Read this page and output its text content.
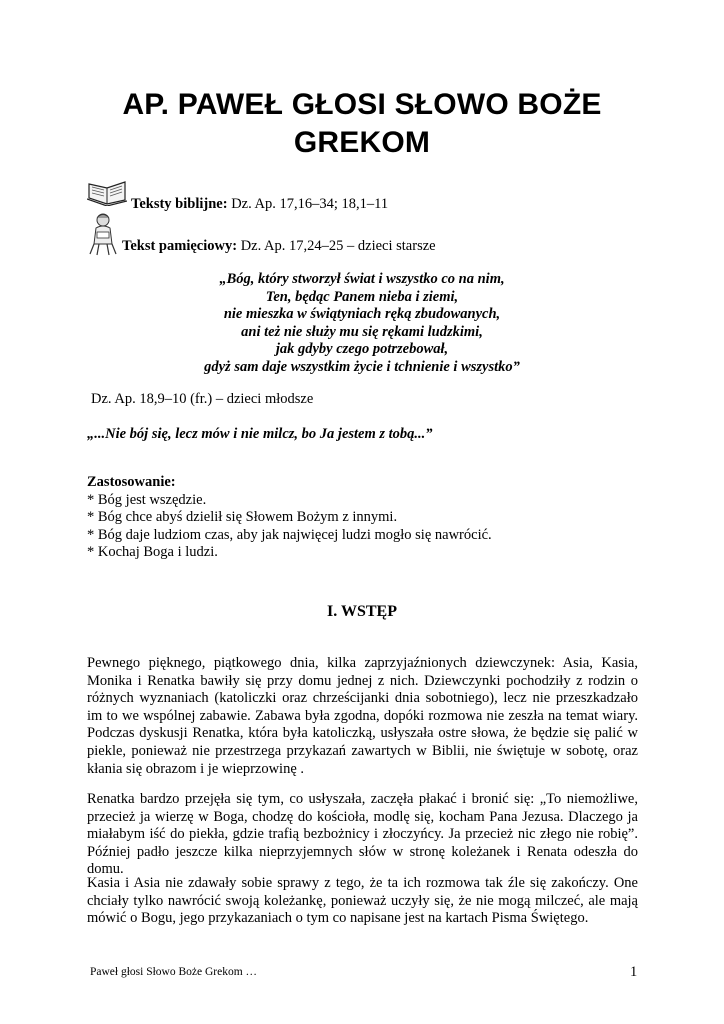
AP. PAWEŁ GŁOSI SŁOWO BOŻE
GREKOM
Teksty biblijne: Dz. Ap. 17,16–34; 18,1–11
Tekst pamięciowy: Dz. Ap. 17,24–25 – dzieci starsze
„Bóg, który stworzył świat i wszystko co na nim,
Ten, będąc Panem nieba i ziemi,
nie mieszka w świątyniach ręką zbudowanych,
ani też nie służy mu się rękami ludzkimi,
jak gdyby czego potrzebował,
gdyż sam daje wszystkim życie i tchnienie i wszystko”
Dz. Ap. 18,9–10 (fr.) – dzieci młodsze
„...Nie bój się, lecz mów i nie milcz, bo Ja jestem z tobą...”
Zastosowanie:
* Bóg jest wszędzie.
* Bóg chce abyś dzielił się Słowem Bożym z innymi.
* Bóg daje ludziom czas, aby jak najwięcej ludzi mogło się nawrócić.
* Kochaj Boga i ludzi.
I. WSTĘP
Pewnego pięknego, piątkowego dnia, kilka zaprzyjaźnionych dziewczynek: Asia, Kasia, Monika i Renatka bawiły się przy domu jednej z nich. Dziewczynki pochodziły z rodzin o różnych wyznaniach (katoliczki oraz chrześcijanki dnia sobotniego), lecz nie przeszkadzało im to we wspólnej zabawie. Zabawa była zgodna, dopóki rozmowa nie zeszła na temat wiary. Podczas dyskusji Renatka, która była katoliczką, usłyszała ostre słowa, że będzie się palić w piekle, ponieważ nie przestrzega przykazań zawartych w Biblii, nie świętuje w sobotę, oraz kłania się obrazom i je wieprzowinę .
Renatka bardzo przejęła się tym, co usłyszała, zaczęła płakać i bronić się: „To niemożliwe, przecież ja wierzę w Boga, chodzę do kościoła, modlę się, kocham Pana Jezusa. Dlaczego ja miałabym iść do piekła, gdzie trafią bezbożnicy i złoczyńcy. Ja przecież nic złego nie robię”. Później padło jeszcze kilka nieprzyjemnych słów w stronę koleżanek i Renata odeszła do domu.
Kasia i Asia nie zdawały sobie sprawy z tego, że ta ich rozmowa tak źle się zakończy. One chciały tylko nawrócić swoją koleżankę, ponieważ uczyły się, że nie mogą milczeć, ale mają mówić o Bogu, jego przykazaniach o tym co napisane jest na kartach Pisma Świętego.
Paweł głosi Słowo Boże Grekom …	1
